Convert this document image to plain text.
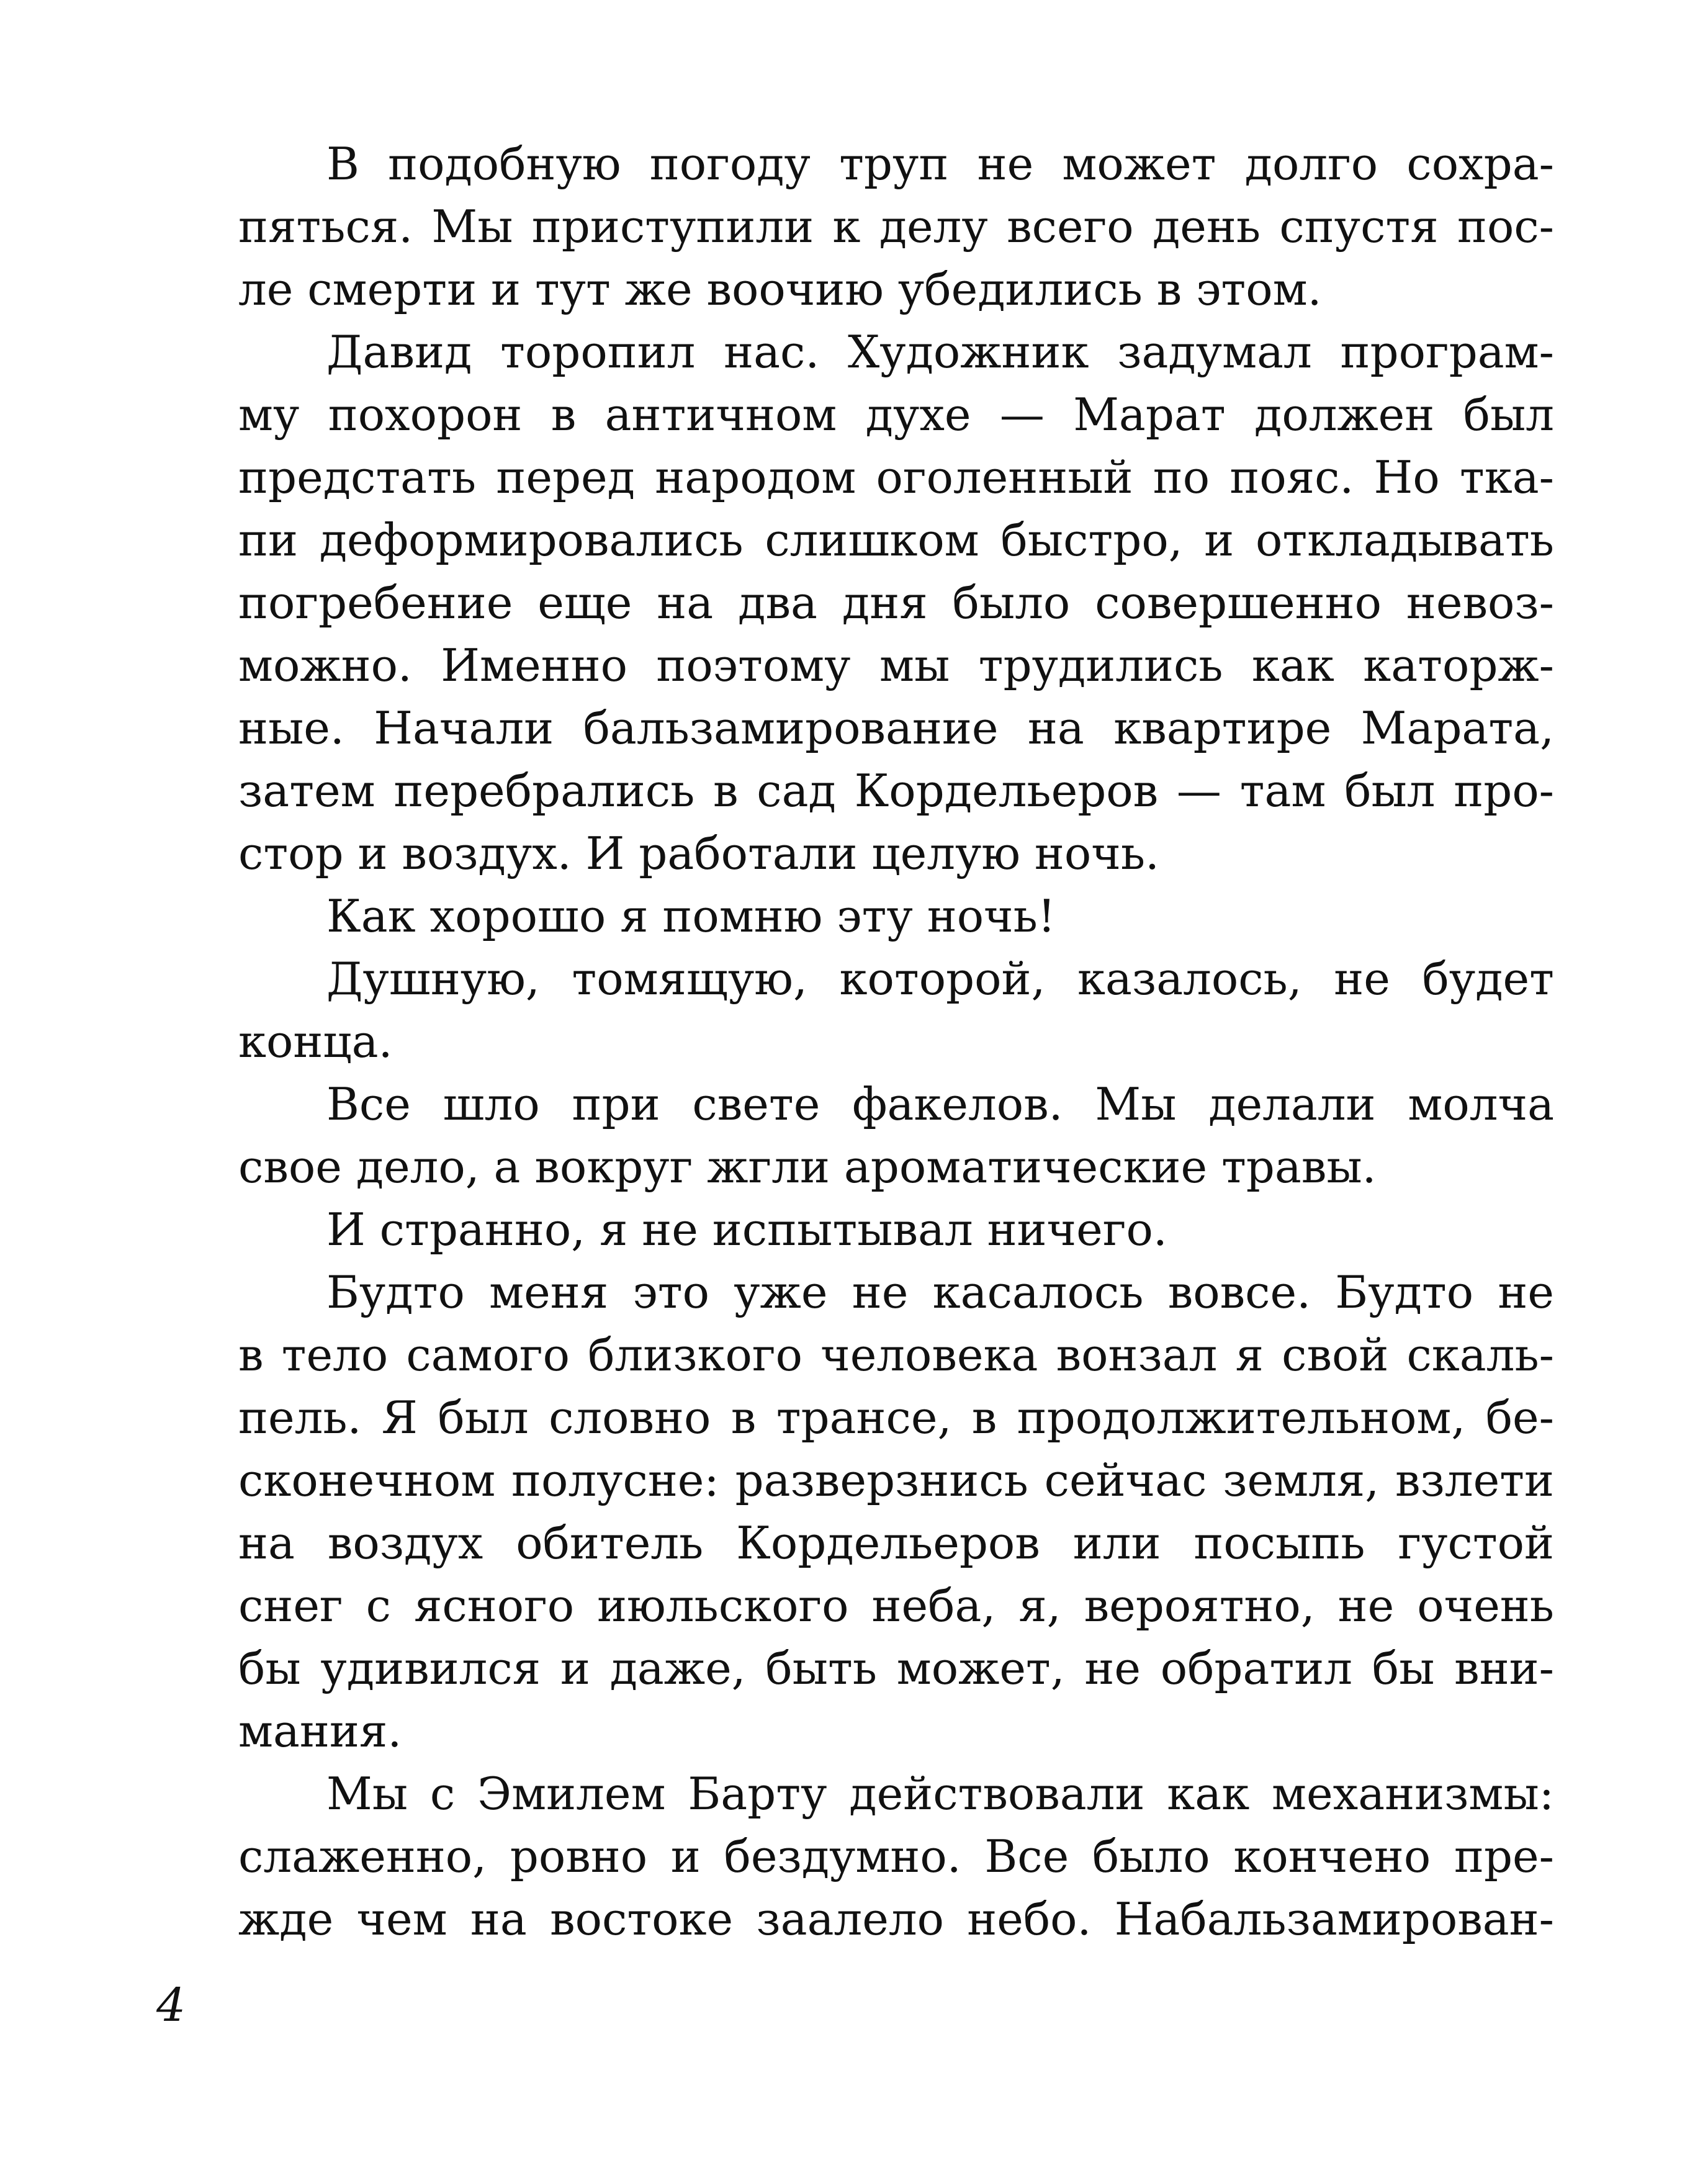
В подобную погоду труп не может долго сохра-
пяться. Мы приступили к делу всего день спустя пос-
ле смерти и тут же воочию убедились в этом.
Давид торопил нас. Художник задумал програм-
му похорон в античном духе — Марат должен был
предстать перед народом оголенный по пояс. Но тка-
пи деформировались слишком быстро, и откладывать
погребение еще на два дня было совершенно невоз-
можно. Именно поэтому мы трудились как каторж-
ные. Начали бальзамирование на квартире Марата,
затем перебрались в сад Кордельеров — там был про-
стор и воздух. И работали целую ночь.
Как хорошо я помню эту ночь!
Душную, томящую, которой, казалось, не будет
конца.
Все шло при свете факелов. Мы делали молча
свое дело, а вокруг жгли ароматические травы.
И странно, я не испытывал ничего.
Будто меня это уже не касалось вовсе. Будто не
в тело самого близкого человека вонзал я свой скаль-
пель. Я был словно в трансе, в продолжительном, бе-
сконечном полусне: разверзнись сейчас земля, взлети
на воздух обитель Кордельеров или посыпь густой
снег с ясного июльского неба, я, вероятно, не очень
бы удивился и даже, быть может, не обратил бы вни-
мания.
Мы с Эмилем Барту действовали как механизмы:
слаженно, ровно и бездумно. Все было кончено пре-
жде чем на востоке заалело небо. Набальзамирован-
4
